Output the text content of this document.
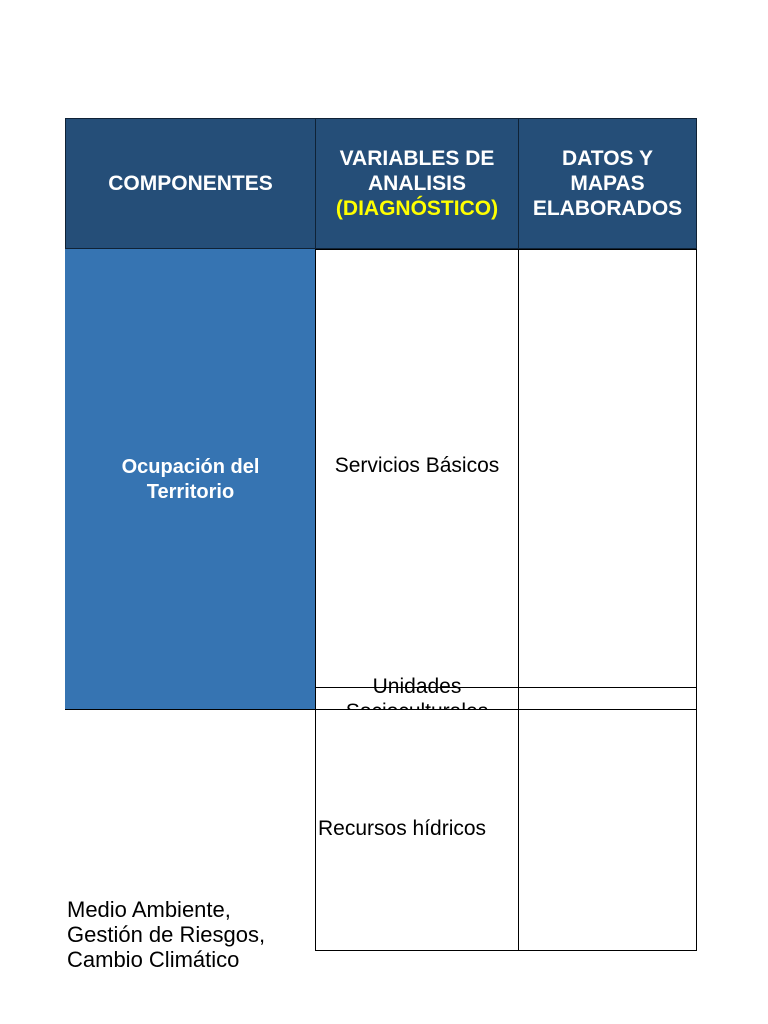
COMPONENTES
VARIABLES DE
ANALISIS
(DIAGNÓSTICO)
DATOS Y
MAPAS
ELABORADOS
Ocupación del Territorio
Servicios Básicos
Unidades
Medio Ambiente, Gestión de Riesgos, Cambio Climático
Recursos hídricos
